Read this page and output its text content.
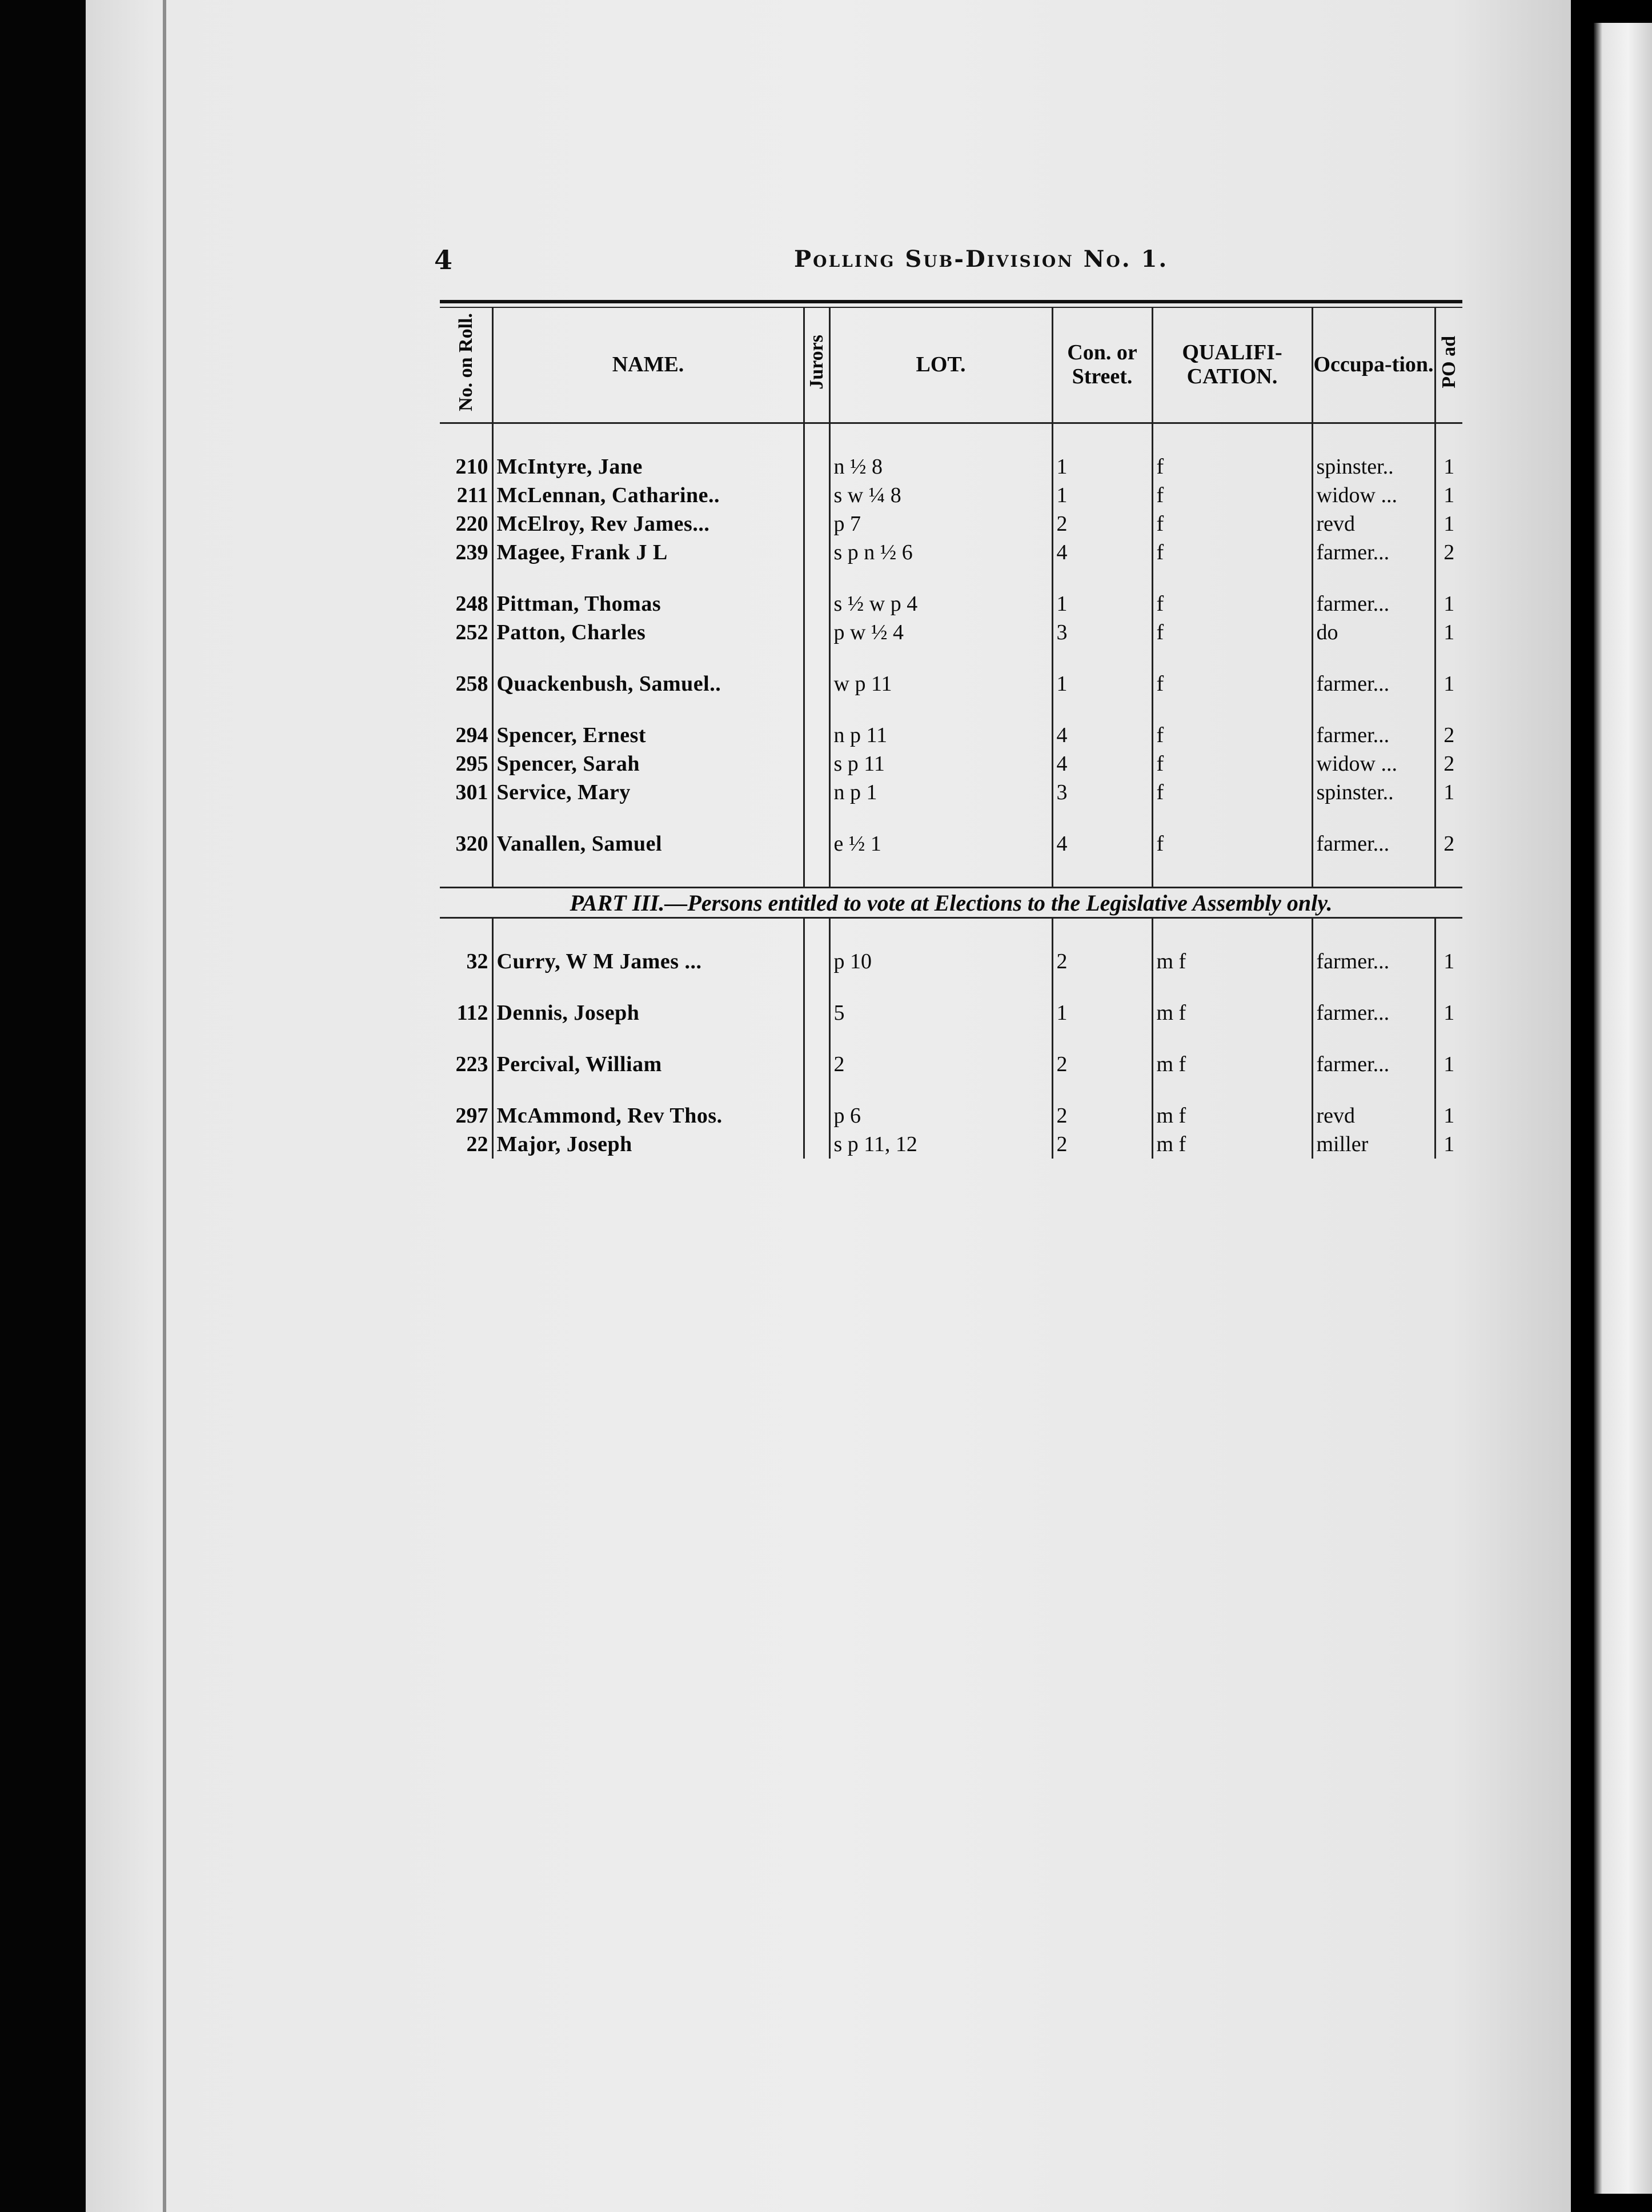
4	Polling Sub-Division No. 1.
No. on Roll.	NAME.	Jurors	LOT.	Con. or Street.	QUALIFI-CATION.	Occupa-tion.	PO ad

210	McIntyre, Jane		n ½ 8	1	f	spinster..	1
211	McLennan, Catharine..		s w ¼ 8	1	f	widow ...	1
220	McElroy, Rev James...		p 7	2	f	revd	1
239	Magee, Frank J L		s p n ½ 6	4	f	farmer...	2

248	Pittman, Thomas		s ½ w p 4	1	f	farmer...	1
252	Patton, Charles		p w ½ 4	3	f	do	1

258	Quackenbush, Samuel..		w p 11	1	f	farmer...	1

294	Spencer, Ernest		n p 11	4	f	farmer...	2
295	Spencer, Sarah		s p 11	4	f	widow ...	2
301	Service, Mary		n p 1	3	f	spinster..	1

320	Vanallen, Samuel		e ½ 1	4	f	farmer...	2

PART III.—Persons entitled to vote at Elections to the Legislative Assembly only.							

32	Curry, W M James ...		p 10	2	m f	farmer...	1

112	Dennis, Joseph		5	1	m f	farmer...	1

223	Percival, William		2	2	m f	farmer...	1

297	McAmmond, Rev Thos.		p 6	2	m f	revd	1
22	Major, Joseph		s p 11, 12	2	m f	miller	1
